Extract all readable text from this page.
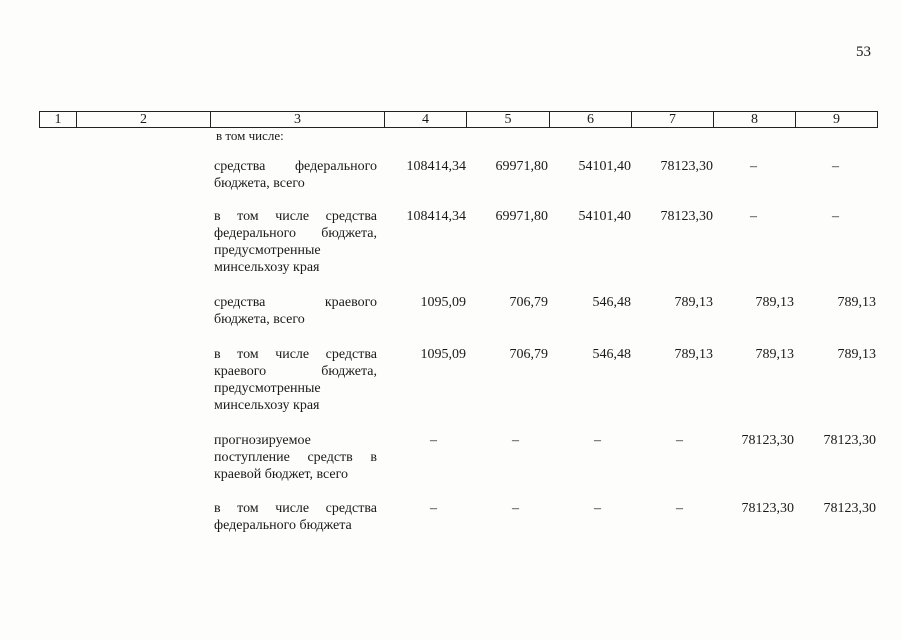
53
1	2	3	4	5	6	7	8	9
в том числе:
средства федерального бюджета, всего
108414,34 69971,80 54101,40 78123,30	–	–
в том числе средства федерального бюджета, предусмотренные минсельхозу края
108414,34 69971,80 54101,40 78123,30	–	–
средства краевого бюджета, всего
1095,09	706,79	546,48	789,13	789,13	789,13
в том числе средства краевого бюджета, предусмотренные минсельхозу края
1095,09	706,79	546,48	789,13	789,13	789,13
прогнозируемое поступление средств в краевой бюджет, всего
–	–	–	–	78123,30 78123,30
в том числе средства федерального бюджета
–	–	–	–	78123,30 78123,30
